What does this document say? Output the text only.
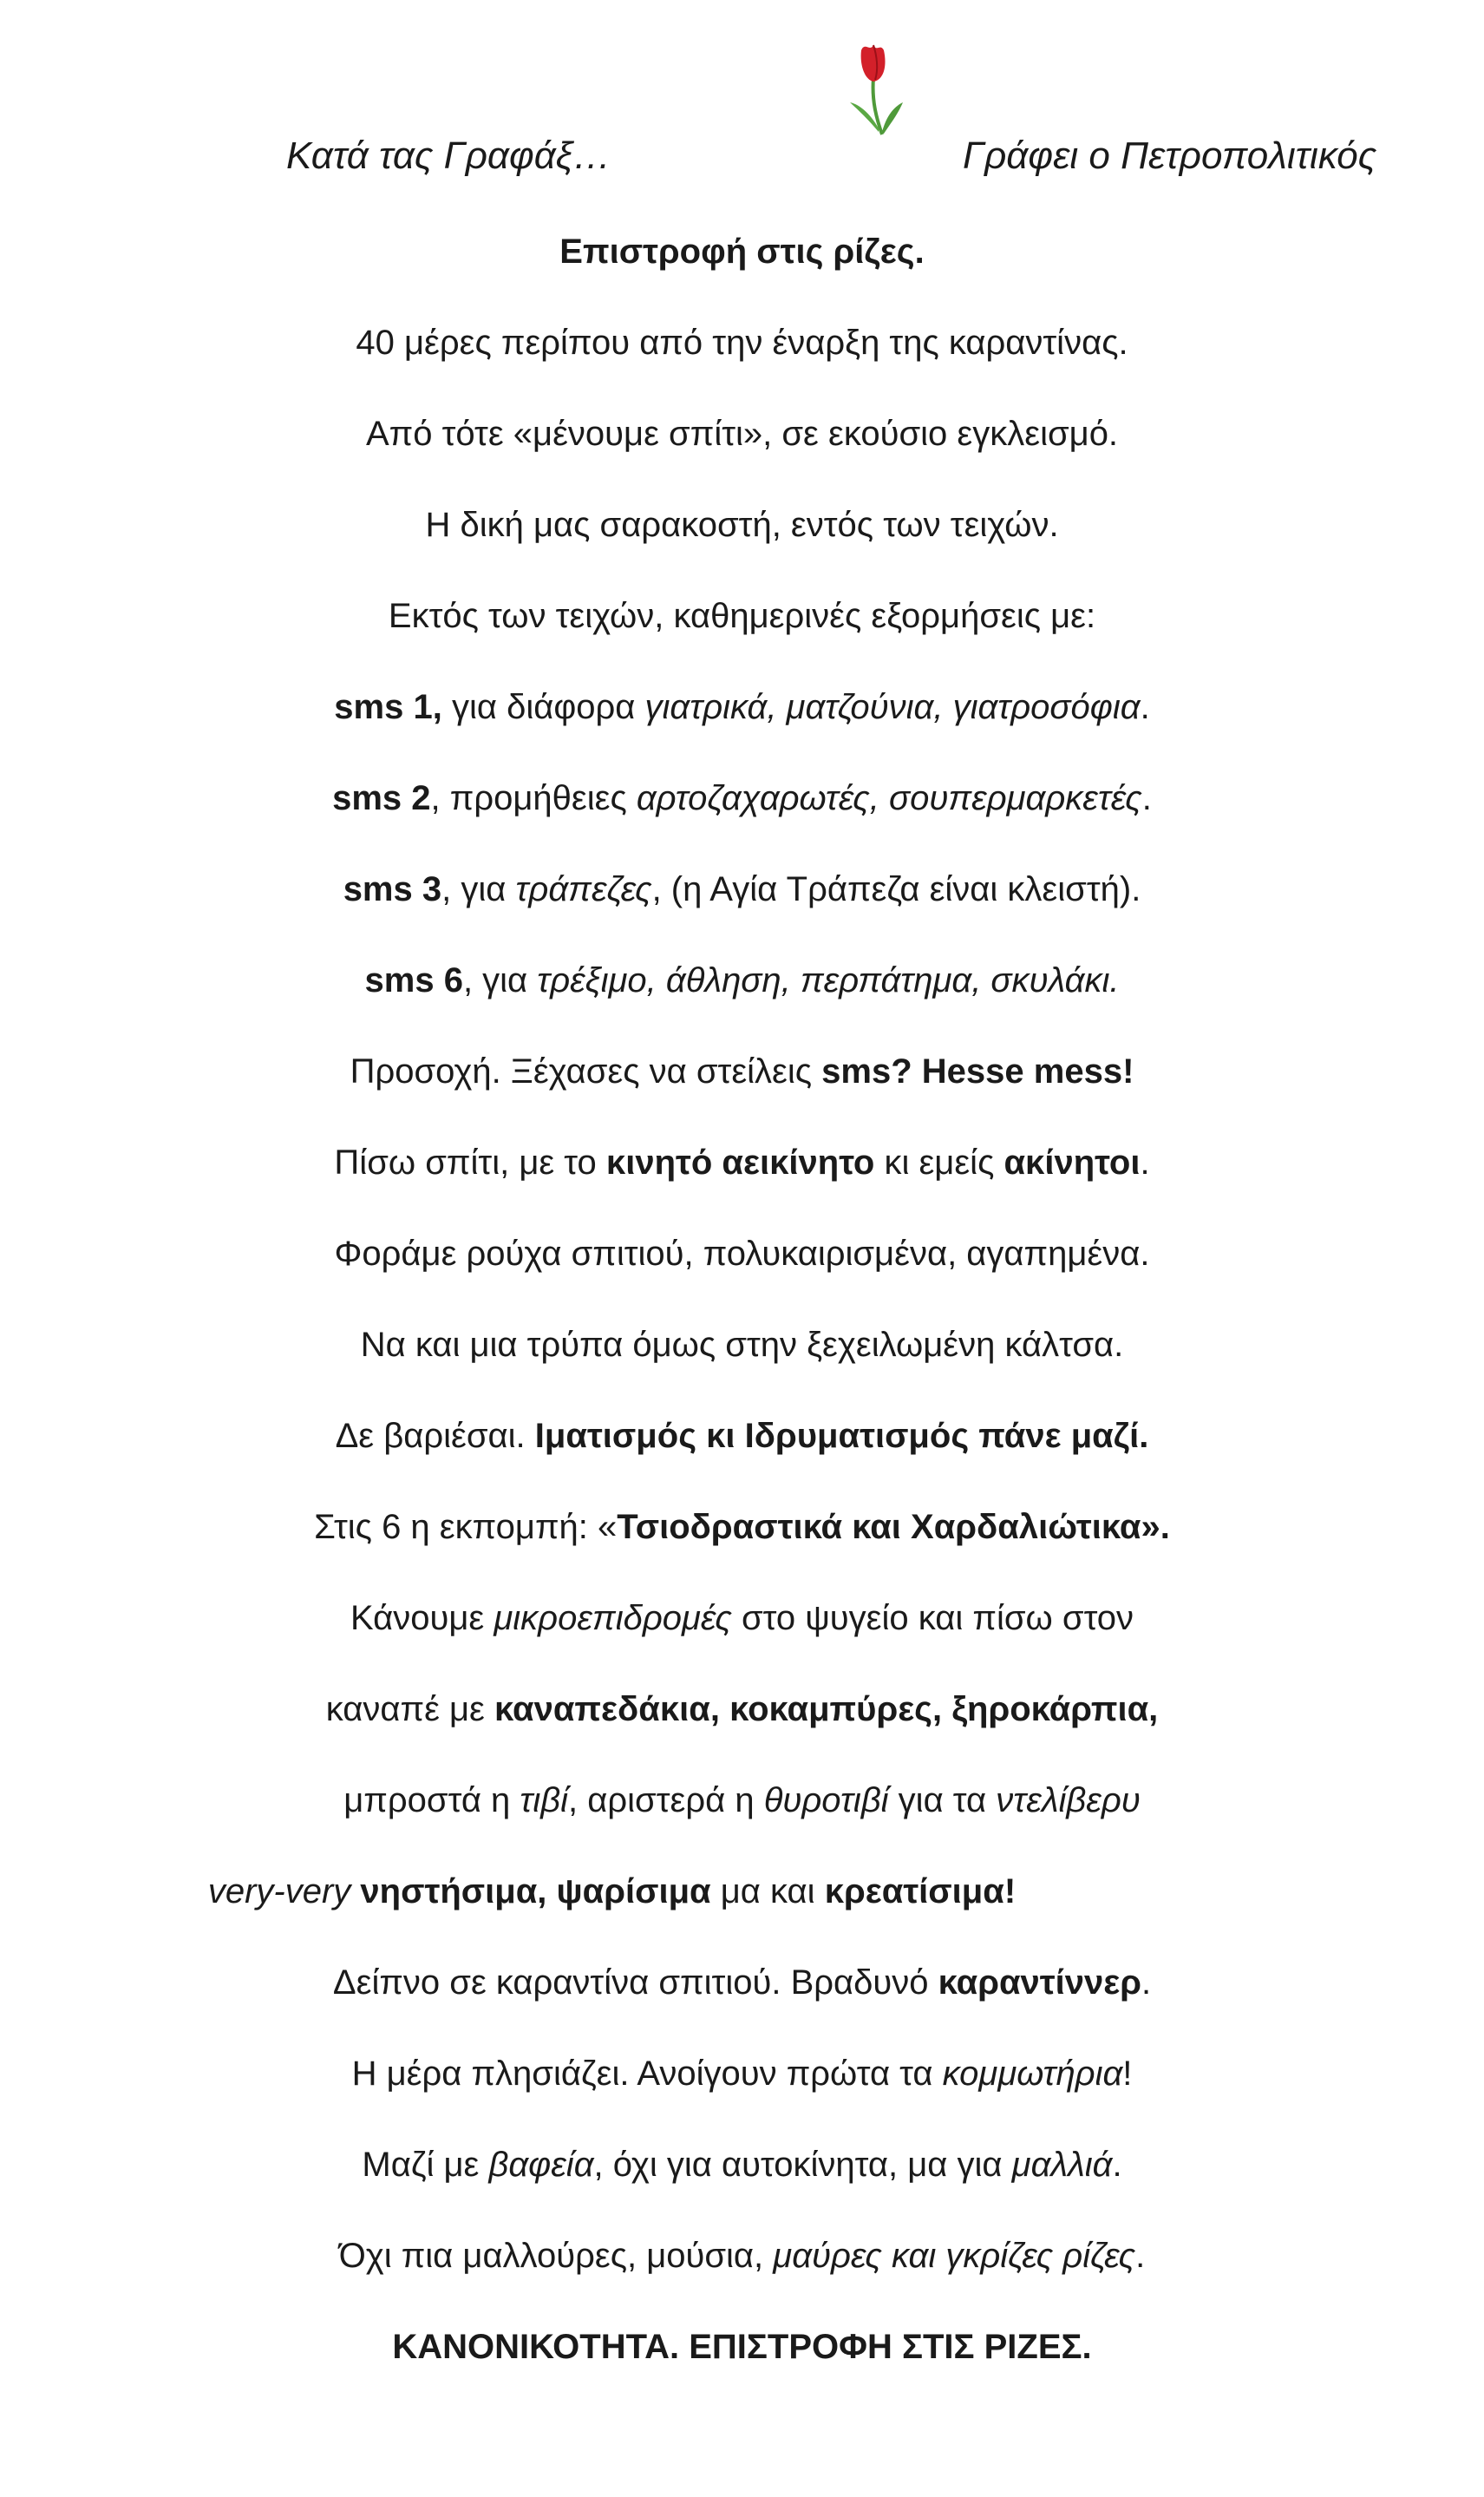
Κατά τας Γραφάξ…	Γράφει ο Πετροπολιτικός
Επιστροφή στις ρίζες.
40 μέρες περίπου από την έναρξη της καραντίνας.
Από τότε «μένουμε σπίτι», σε εκούσιο εγκλεισμό.
Η δική μας σαρακοστή, εντός των τειχών.
Εκτός των τειχών, καθημερινές εξορμήσεις με:
sms 1, για διάφορα γιατρικά, ματζούνια, γιατροσόφια.
sms 2, προμήθειες αρτοζαχαρωτές, σουπερμαρκετές.
sms 3, για τράπεζες, (η Αγία Τράπεζα είναι κλειστή).
sms 6, για τρέξιμο, άθληση, περπάτημα, σκυλάκι.
Προσοχή. Ξέχασες να στείλεις sms? Hesse mess!
Πίσω σπίτι, με το κινητό αεικίνητο κι εμείς ακίνητοι.
Φοράμε ρούχα σπιτιού, πολυκαιρισμένα, αγαπημένα.
Να και μια τρύπα όμως στην ξεχειλωμένη κάλτσα.
Δε βαριέσαι. Ιματισμός κι Ιδρυματισμός πάνε μαζί.
Στις 6 η εκπομπή: «Τσιοδραστικά και Χαρδαλιώτικα».
Κάνουμε μικροεπιδρομές στο ψυγείο και πίσω στον
καναπέ με καναπεδάκια, κοκαμπύρες, ξηροκάρπια,
μπροστά η τιβί, αριστερά η θυροτιβί για τα ντελίβερυ
very-very νηστήσιμα, ψαρίσιμα μα και κρεατίσιμα!
Δείπνο σε καραντίνα σπιτιού. Βραδυνό καραντίννερ.
Η μέρα πλησιάζει. Ανοίγουν πρώτα τα κομμωτήρια!
Μαζί με βαφεία, όχι για αυτοκίνητα, μα για μαλλιά.
Όχι πια μαλλούρες, μούσια, μαύρες και γκρίζες ρίζες.
ΚΑΝΟΝΙΚΟΤΗΤΑ. ΕΠΙΣΤΡΟΦΗ ΣΤΙΣ ΡΙΖΕΣ.
